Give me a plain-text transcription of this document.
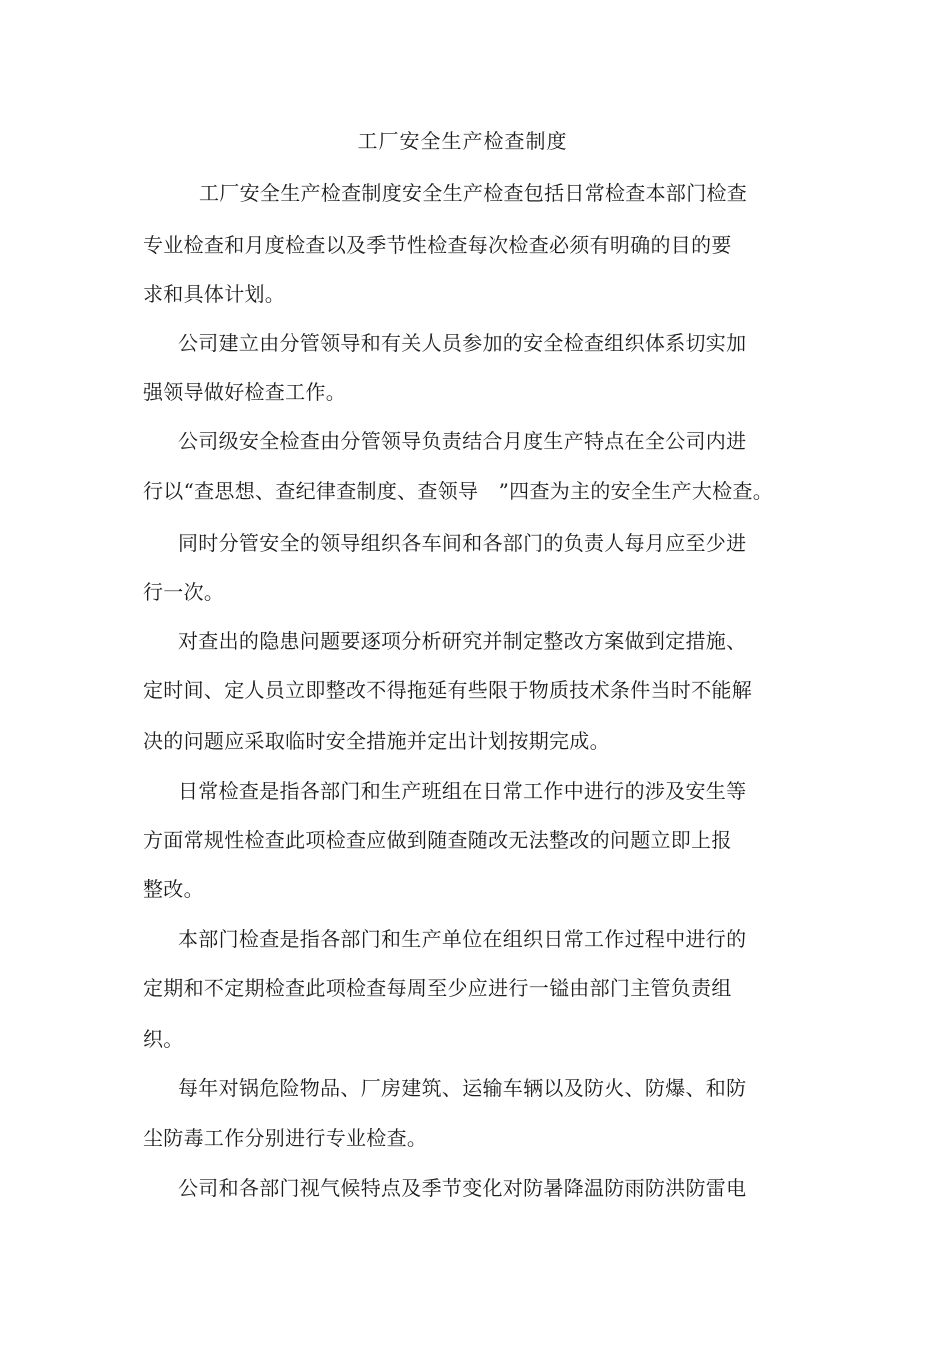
工厂安全生产检查制度
工厂安全生产检查制度安全生产检查包括日常检查本部门检查
专业检查和月度检查以及季节性检查每次检查必须有明确的目的要
求和具体计划。
公司建立由分管领导和有关人员参加的安全检查组织体系切实加
强领导做好检查工作。
公司级安全检查由分管领导负责结合月度生产特点在全公司内进
行以“查思想、查纪律查制度、查领导　”四查为主的安全生产大检查。
同时分管安全的领导组织各车间和各部门的负责人每月应至少进
行一次。
对查出的隐患问题要逐项分析研究并制定整改方案做到定措施、
定时间、定人员立即整改不得拖延有些限于物质技术条件当时不能解
决的问题应采取临时安全措施并定出计划按期完成。
日常检查是指各部门和生产班组在日常工作中进行的涉及安生等
方面常规性检查此项检查应做到随查随改无法整改的问题立即上报
整改。
本部门检查是指各部门和生产单位在组织日常工作过程中进行的
定期和不定期检查此项检查每周至少应进行一镒由部门主管负责组
织。
每年对锅危险物品、厂房建筑、运输车辆以及防火、防爆、和防
尘防毒工作分别进行专业检查。
公司和各部门视气候特点及季节变化对防暑降温防雨防洪防雷电
